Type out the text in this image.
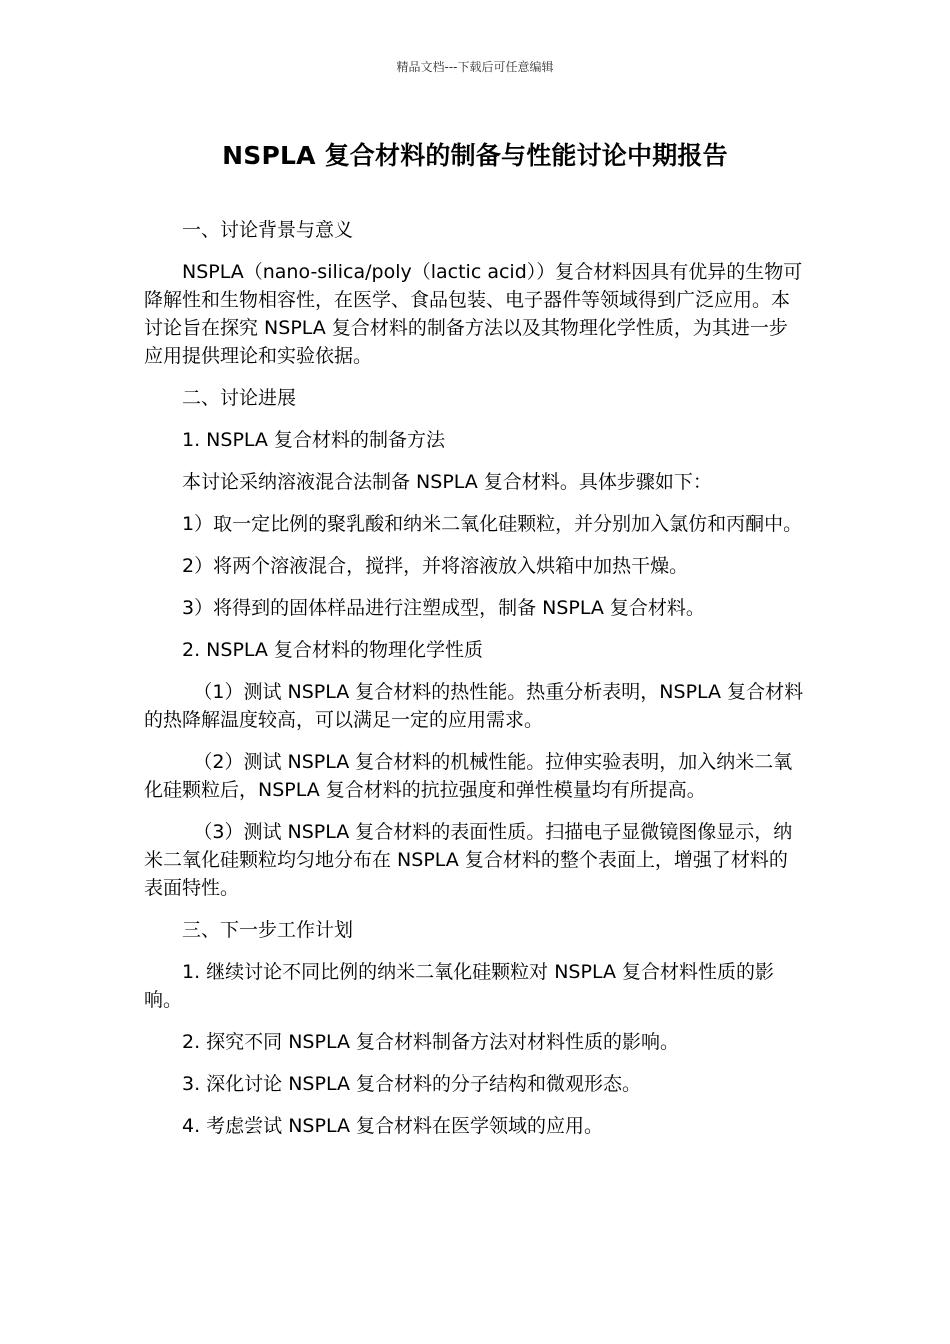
精品文档---下载后可任意编辑
NSPLA 复合材料的制备与性能讨论中期报告

一、讨论背景与意义

NSPLA（nano-silica/poly（lactic acid））复合材料因具有优异的生物可降解性和生物相容性，在医学、食品包装、电子器件等领域得到广泛应用。本讨论旨在探究 NSPLA 复合材料的制备方法以及其物理化学性质，为其进一步应用提供理论和实验依据。

二、讨论进展

1. NSPLA 复合材料的制备方法

本讨论采纳溶液混合法制备 NSPLA 复合材料。具体步骤如下：

1）取一定比例的聚乳酸和纳米二氧化硅颗粒，并分别加入氯仿和丙酮中。

2）将两个溶液混合，搅拌，并将溶液放入烘箱中加热干燥。

3）将得到的固体样品进行注塑成型，制备 NSPLA 复合材料。

2. NSPLA 复合材料的物理化学性质

（1）测试 NSPLA 复合材料的热性能。热重分析表明，NSPLA 复合材料的热降解温度较高，可以满足一定的应用需求。

（2）测试 NSPLA 复合材料的机械性能。拉伸实验表明，加入纳米二氧化硅颗粒后，NSPLA 复合材料的抗拉强度和弹性模量均有所提高。

（3）测试 NSPLA 复合材料的表面性质。扫描电子显微镜图像显示，纳米二氧化硅颗粒均匀地分布在 NSPLA 复合材料的整个表面上，增强了材料的表面特性。

三、下一步工作计划

1. 继续讨论不同比例的纳米二氧化硅颗粒对 NSPLA 复合材料性质的影响。

2. 探究不同 NSPLA 复合材料制备方法对材料性质的影响。

3. 深化讨论 NSPLA 复合材料的分子结构和微观形态。

4. 考虑尝试 NSPLA 复合材料在医学领域的应用。
